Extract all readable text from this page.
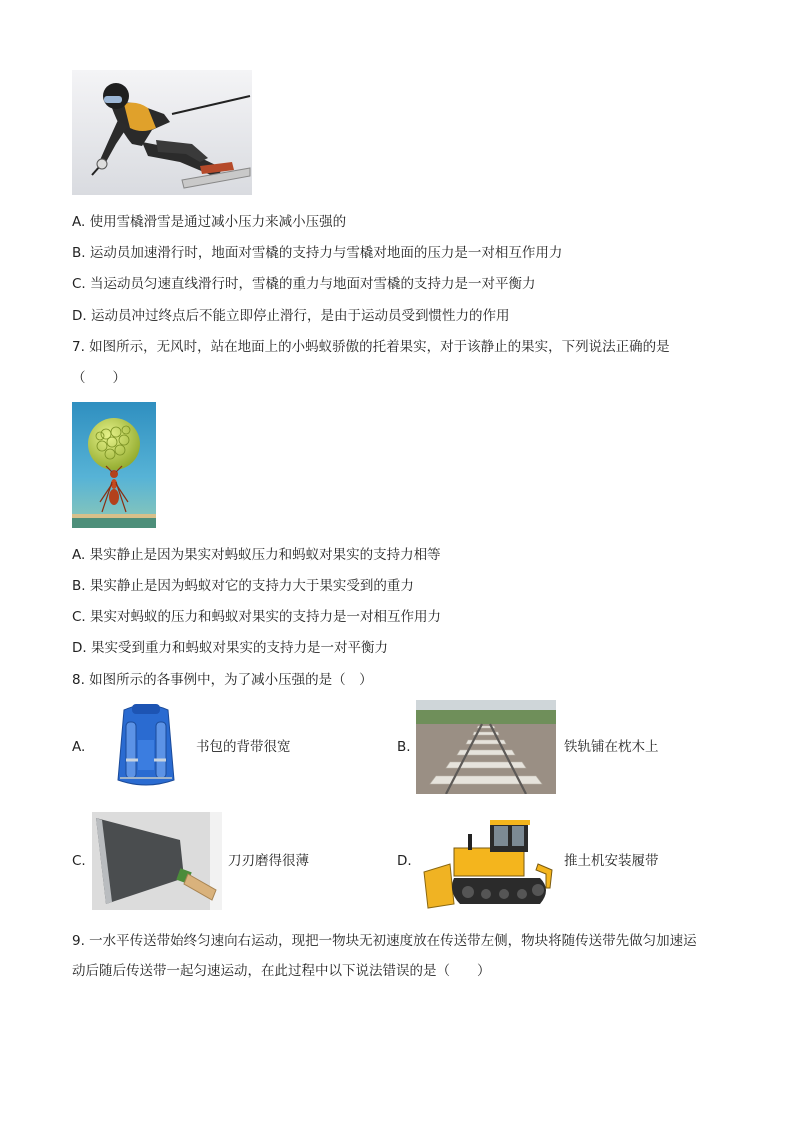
A. 使用雪橇滑雪是通过减小压力来减小压强的
B. 运动员加速滑行时，地面对雪橇的支持力与雪橇对地面的压力是一对相互作用力
C. 当运动员匀速直线滑行时，雪橇的重力与地面对雪橇的支持力是一对平衡力
D. 运动员冲过终点后不能立即停止滑行，是由于运动员受到惯性力的作用
7. 如图所示，无风时，站在地面上的小蚂蚁骄傲的托着果实，对于该静止的果实，下列说法正确的是
（　　）
A. 果实静止是因为果实对蚂蚁压力和蚂蚁对果实的支持力相等
B. 果实静止是因为蚂蚁对它的支持力大于果实受到的重力
C. 果实对蚂蚁的压力和蚂蚁对果实的支持力是一对相互作用力
D. 果实受到重力和蚂蚁对果实的支持力是一对平衡力
8. 如图所示的各事例中，为了减小压强的是（　）
A.	书包的背带很宽	B.	铁轨铺在枕木上
C.	刀刃磨得很薄	D.	推土机安装履带
9. 一水平传送带始终匀速向右运动，现把一物块无初速度放在传送带左侧，物块将随传送带先做匀加速运
动后随后传送带一起匀速运动，在此过程中以下说法错误的是（　　）
